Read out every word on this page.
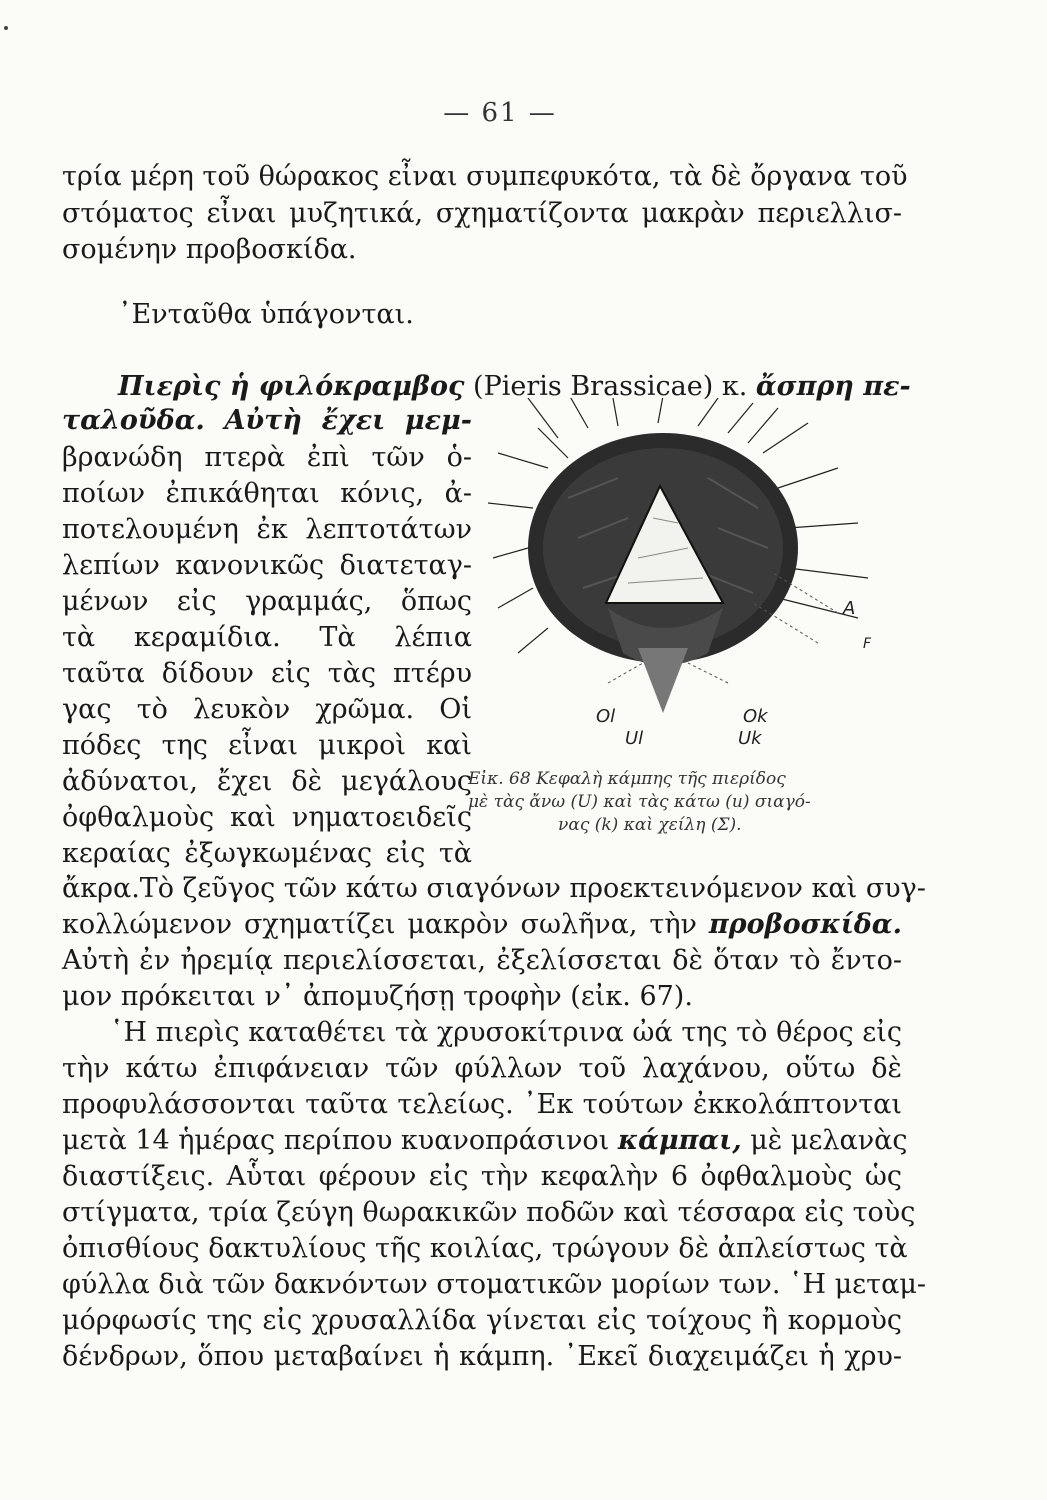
— 61 —
τρία μέρη τοῦ θώρακος εἶναι συμπεφυκότα, τὰ δὲ ὄργανα τοῦ
στόματος εἶναι μυζητικά, σχηματίζοντα μακρὰν περιελλισ-
σομένην προβοσκίδα.
᾽Ενταῦθα ὑπάγονται.
Πιερὶς ἡ φιλόκραμβος (Pieris Brassicae) κ. ἄσπρη πε-
ταλοῦδα. Αὐτὴ ἔχει μεμ-
βρανώδη πτερὰ ἐπὶ τῶν ὁ-
ποίων ἐπικάθηται κόνις, ἀ-
ποτελουμένη ἐκ λεπτοτάτων
λεπίων κανονικῶς διατεταγ-
μένων εἰς γραμμάς, ὅπως
τὰ κεραμίδια. Τὰ λέπια
ταῦτα δίδουν εἰς τὰς πτέρυ
γας τὸ λευκὸν χρῶμα. Οἱ
πόδες της εἶναι μικροὶ καὶ
ἀδύνατοι, ἔχει δὲ μεγάλους
ὀφθαλμοὺς καὶ νηματοειδεῖς
κεραίας ἐξωγκωμένας εἰς τὰ
A
F
Ol	Ok
Ul	Uk
Εἰκ. 68 Κεφαλὴ κάμπης τῆς πιερίδος
μὲ τὰς ἄνω (U) καὶ τὰς κάτω (u) σιαγό-
νας (k) καὶ χείλη (Σ).
ἄκρα.Τὸ ζεῦγος τῶν κάτω σιαγόνων προεκτεινόμενον καὶ συγ-
κολλώμενον σχηματίζει μακρὸν σωλῆνα, τὴν προβοσκίδα.
Αὐτὴ ἐν ἠρεμίᾳ περιελίσσεται, ἐξελίσσεται δὲ ὅταν τὸ ἔντο-
μον πρόκειται ν᾽ ἀπομυζήσῃ τροφὴν (εἰκ. 67).
῾Η πιερὶς καταθέτει τὰ χρυσοκίτρινα ὠά της τὸ θέρος εἰς
τὴν κάτω ἐπιφάνειαν τῶν φύλλων τοῦ λαχάνου, οὕτω δὲ
προφυλάσσονται ταῦτα τελείως. ᾽Εκ τούτων ἐκκολάπτονται
μετὰ 14 ἡμέρας περίπου κυανοπράσινοι κάμπαι, μὲ μελανὰς
διαστίξεις. Αὗται φέρουν εἰς τὴν κεφαλὴν 6 ὀφθαλμοὺς ὡς
στίγματα, τρία ζεύγη θωρακικῶν ποδῶν καὶ τέσσαρα εἰς τοὺς
ὀπισθίους δακτυλίους τῆς κοιλίας, τρώγουν δὲ ἀπλείστως τὰ
φύλλα διὰ τῶν δακνόντων στοματικῶν μορίων των. ῾Η μεταμ-
μόρφωσίς της εἰς χρυσαλλίδα γίνεται εἰς τοίχους ἢ κορμοὺς
δένδρων, ὅπου μεταβαίνει ἡ κάμπη. ᾽Εκεῖ διαχειμάζει ἡ χρυ-
